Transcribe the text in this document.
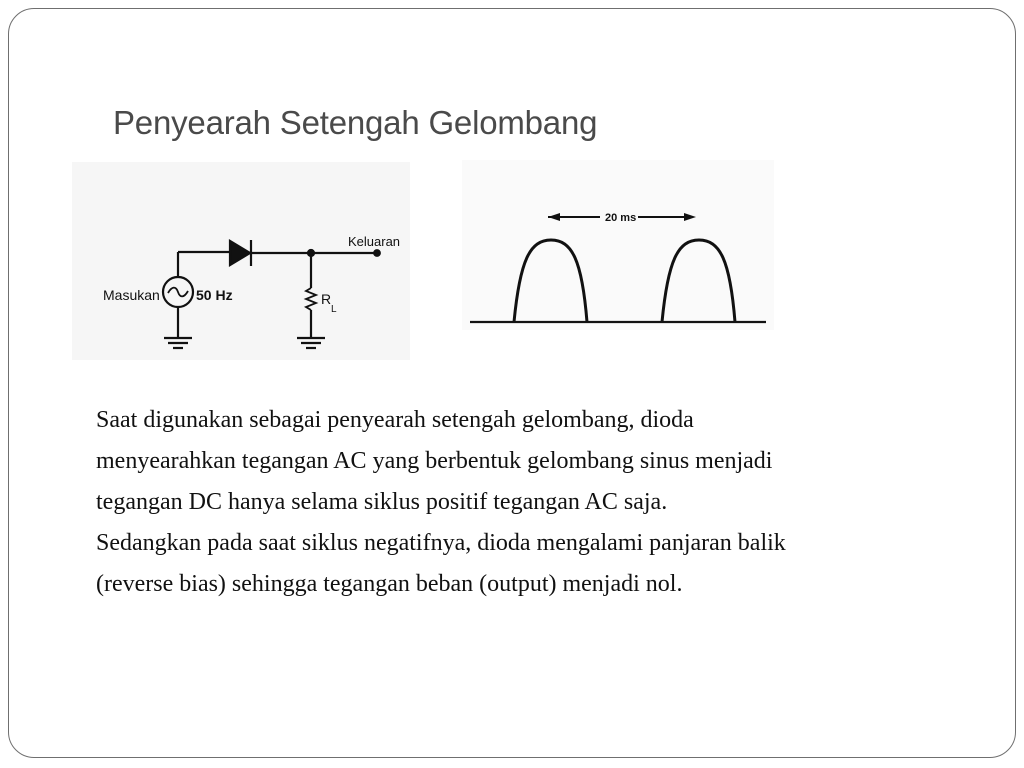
Penyearah Setengah Gelombang
Masukan	50 Hz
Keluaran
R
L
20 ms
Saat digunakan sebagai penyearah setengah gelombang, dioda
menyearahkan tegangan AC yang berbentuk gelombang sinus menjadi
tegangan DC hanya selama siklus positif tegangan AC saja.
Sedangkan pada saat siklus negatifnya, dioda mengalami panjaran balik
(reverse bias) sehingga tegangan beban (output) menjadi nol.
